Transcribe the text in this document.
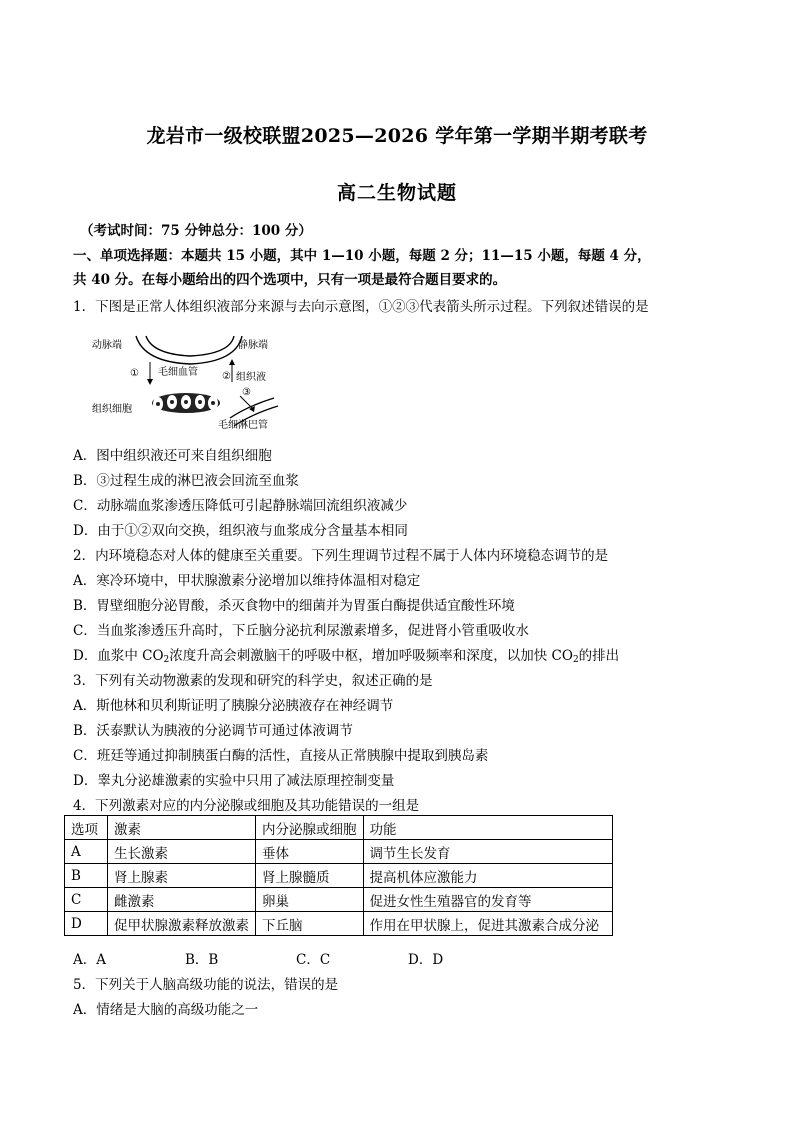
龙岩市一级校联盟2025—2026 学年第一学期半期考联考
高二生物试题
（考试时间：75 分钟总分：100 分）
一、单项选择题：本题共 15 小题，其中 1—10 小题，每题 2 分；11—15 小题，每题 4 分，
共 40 分。在每小题给出的四个选项中，只有一项是最符合题目要求的。
1．下图是正常人体组织液部分来源与去向示意图，①②③代表箭头所示过程。下列叙述错误的是
动脉端	静脉端
毛细血管	组织液
组织细胞
毛细淋巴管
①	②
③
A．图中组织液还可来自组织细胞
B．③过程生成的淋巴液会回流至血浆
C．动脉端血浆渗透压降低可引起静脉端回流组织液减少
D．由于①②双向交换，组织液与血浆成分含量基本相同
2．内环境稳态对人体的健康至关重要。下列生理调节过程不属于人体内环境稳态调节的是
A．寒冷环境中，甲状腺激素分泌增加以维持体温相对稳定
B．胃壁细胞分泌胃酸，杀灭食物中的细菌并为胃蛋白酶提供适宜酸性环境
C．当血浆渗透压升高时，下丘脑分泌抗利尿激素增多，促进肾小管重吸收水
D．血浆中 $CO_2$浓度升高会刺激脑干的呼吸中枢，增加呼吸频率和深度，以加快 $CO_2$的排出
3．下列有关动物激素的发现和研究的科学史，叙述正确的是
A．斯他林和贝利斯证明了胰腺分泌胰液存在神经调节
B．沃泰默认为胰液的分泌调节可通过体液调节
C．班廷等通过抑制胰蛋白酶的活性，直接从正常胰腺中提取到胰岛素
D．睾丸分泌雄激素的实验中只用了减法原理控制变量
4．下列激素对应的内分泌腺或细胞及其功能错误的一组是
选项	激素	内分泌腺或细胞	功能
A	生长激素	垂体	调节生长发育
B	肾上腺素	肾上腺髓质	提高机体应激能力
C	雌激素	卵巢	促进女性生殖器官的发育等
D	促甲状腺激素释放激素	下丘脑	作用在甲状腺上，促进其激素合成分泌
A．A	B．B	C．C	D．D
5．下列关于人脑高级功能的说法，错误的是
A．情绪是大脑的高级功能之一
